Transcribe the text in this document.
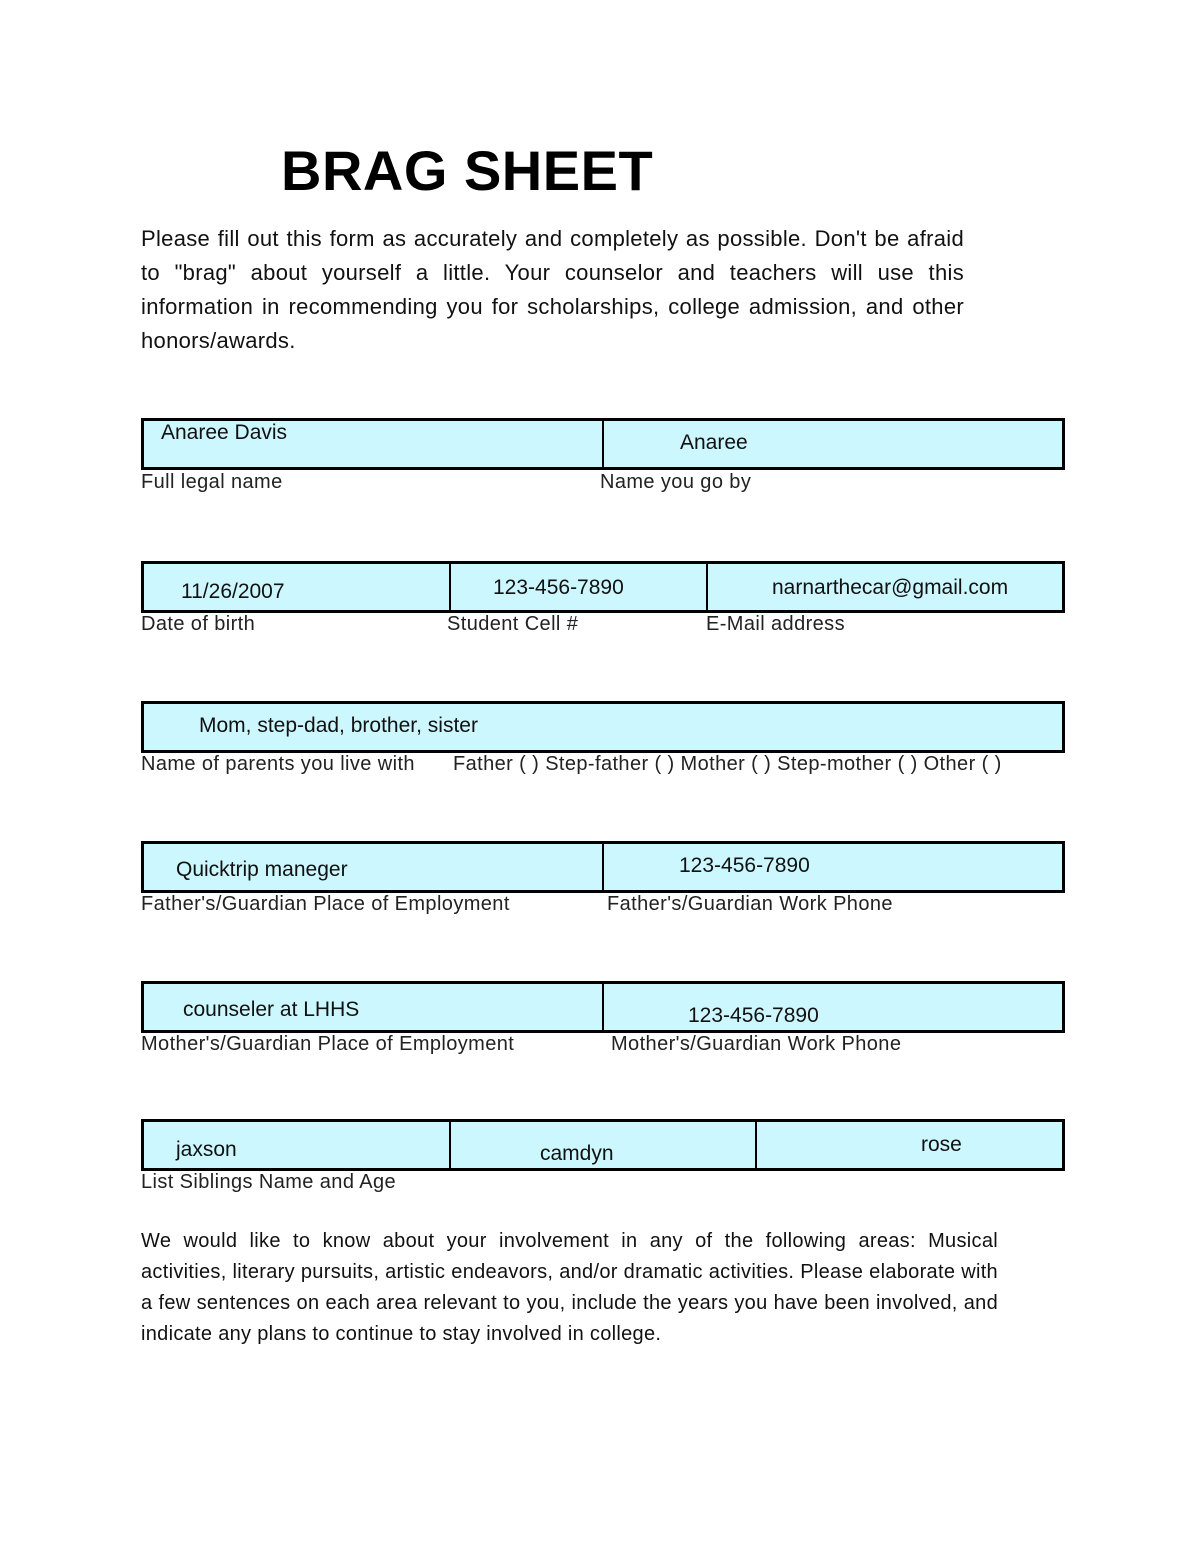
BRAG SHEET

Please fill out this form as accurately and completely as possible. Don't be afraid to "brag" about yourself a little. Your counselor and teachers will use this information in recommending you for scholarships, college admission, and other honors/awards.

Anaree Davis	Anaree
Full legal name	Name you go by
11/26/2007	123-456-7890	narnarthecar@gmail.com
Date of birth	Student Cell #	E-Mail address
Mom, step-dad, brother, sister
Name of parents you live with Father ( ) Step-father ( ) Mother ( ) Step-mother ( ) Other ( )
Quicktrip maneger	123-456-7890
Father's/Guardian Place of Employment	Father's/Guardian Work Phone
counseler at LHHS	123-456-7890
Mother's/Guardian Place of Employment	Mother's/Guardian Work Phone
jaxson	camdyn	rose
List Siblings Name and Age

We would like to know about your involvement in any of the following areas: Musical activities, literary pursuits, artistic endeavors, and/or dramatic activities. Please elaborate with a few sentences on each area relevant to you, include the years you have been involved, and indicate any plans to continue to stay involved in college.
